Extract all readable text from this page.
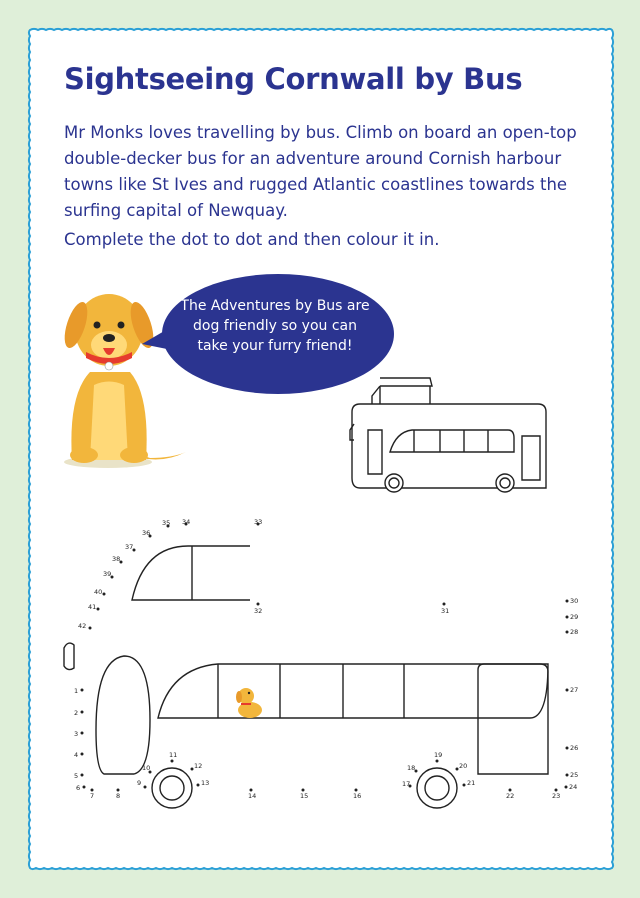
Sightseeing Cornwall by Bus

Mr Monks loves travelling by bus. Climb on board an open-top double-decker bus for an adventure around Cornish harbour towns like St Ives and rugged Atlantic coastlines towards the surfing capital of Newquay.

Complete the dot to dot and then colour it in.

1
2
3
4
5
6
7	8
9
10
11
12
13
14	15	16
17
18
19
20
21
22	23
24
25
26
27
28
29
30
31
32
33
34
35
36
37
38
39
40
41
42
The Adventures by Bus are dog friendly so you can take your furry friend!
